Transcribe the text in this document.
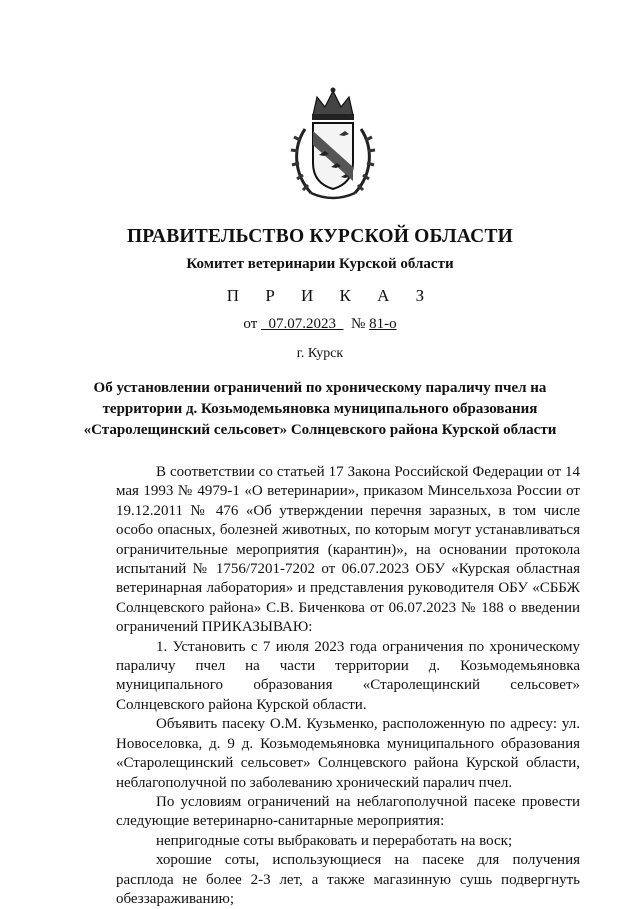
ПРАВИТЕЛЬСТВО КУРСКОЙ ОБЛАСТИ
Комитет ветеринарии Курской области
П Р И К А З
от 07.07.2023 № 81-о
г. Курск
Об установлении ограничений по хроническому параличу пчел на
территории д. Козьмодемьяновка муниципального образования
«Старолещинский сельсовет» Солнцевского района Курской области

В соответствии со статьей 17 Закона Российской Федерации от 14 мая 1993 № 4979-1 «О ветеринарии», приказом Минсельхоза России от 19.12.2011 № 476 «Об утверждении перечня заразных, в том числе особо опасных, болезней животных, по которым могут устанавливаться ограничительные мероприятия (карантин)», на основании протокола испытаний № 1756/7201-7202 от 06.07.2023 ОБУ «Курская областная ветеринарная лаборатория» и представления руководителя ОБУ «СББЖ Солнцевского района» С.В. Биченкова от 06.07.2023 № 188 о введении ограничений ПРИКАЗЫВАЮ:

1. Установить с 7 июля 2023 года ограничения по хроническому параличу пчел на части территории д. Козьмодемьяновка муниципального образования «Старолещинский сельсовет» Солнцевского района Курской области.

Объявить пасеку О.М. Кузьменко, расположенную по адресу: ул. Новоселовка, д. 9 д. Козьмодемьяновка муниципального образования «Старолещинский сельсовет» Солнцевского района Курской области, неблагополучной по заболеванию хронический паралич пчел.

По условиям ограничений на неблагополучной пасеке провести следующие ветеринарно-санитарные мероприятия:

непригодные соты выбраковать и переработать на воск;

хорошие соты, использующиеся на пасеке для получения расплода не более 2-3 лет, а также магазинную сушь подвергнуть обеззараживанию;
